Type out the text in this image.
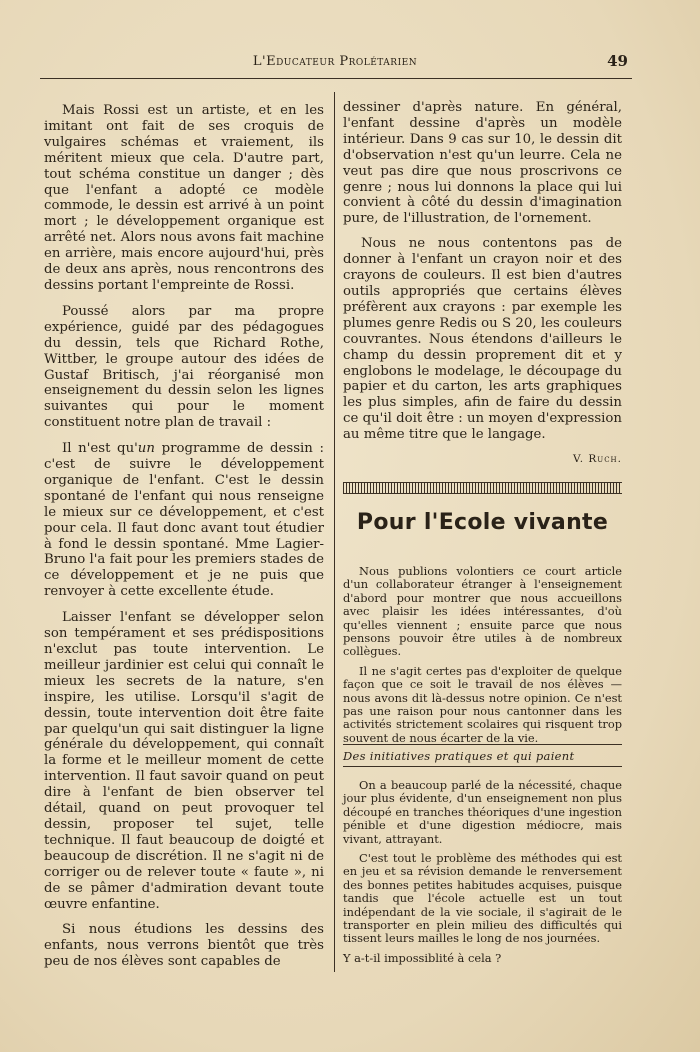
L'Educateur Prolétarien	49

Mais Rossi est un artiste, et en les imitant ont fait de ses croquis de vulgaires schémas et vraiement, ils méritent mieux que cela. D'autre part, tout schéma constitue un danger ; dès que l'enfant a adopté ce modèle commode, le dessin est arrivé à un point mort ; le développement organique est arrêté net. Alors nous avons fait machine en arrière, mais encore aujourd'hui, près de deux ans après, nous rencontrons des dessins portant l'empreinte de Rossi.

Poussé alors par ma propre expérience, guidé par des pédagogues du dessin, tels que Richard Rothe, Wittber, le groupe autour des idées de Gustaf Britisch, j'ai réorganisé mon enseignement du dessin selon les lignes suivantes qui pour le moment constituent notre plan de travail :

Il n'est qu'un programme de dessin : c'est de suivre le développement organique de l'enfant. C'est le dessin spontané de l'enfant qui nous renseigne le mieux sur ce développement, et c'est pour cela. Il faut donc avant tout étudier à fond le dessin spontané. Mme Lagier-Bruno l'a fait pour les premiers stades de ce développement et je ne puis que renvoyer à cette excellente étude.

Laisser l'enfant se développer selon son tempérament et ses prédispositions n'exclut pas toute intervention. Le meilleur jardinier est celui qui connaît le mieux les secrets de la nature, s'en inspire, les utilise. Lorsqu'il s'agit de dessin, toute intervention doit être faite par quelqu'un qui sait distinguer la ligne générale du développement, qui connaît la forme et le meilleur moment de cette intervention. Il faut savoir quand on peut dire à l'enfant de bien observer tel détail, quand on peut provoquer tel dessin, proposer tel sujet, telle technique. Il faut beaucoup de doigté et beaucoup de discrétion. Il ne s'agit ni de corriger ou de relever toute « faute », ni de se pâmer d'admiration devant toute œuvre enfantine.

Si nous étudions les dessins des enfants, nous verrons bientôt que très peu de nos élèves sont capables de

dessiner d'après nature. En général, l'enfant dessine d'après un modèle intérieur. Dans 9 cas sur 10, le dessin dit d'observation n'est qu'un leurre. Cela ne veut pas dire que nous proscrivons ce genre ; nous lui donnons la place qui lui convient à côté du dessin d'imagination pure, de l'illustration, de l'ornement.

Nous ne nous contentons pas de donner à l'enfant un crayon noir et des crayons de couleurs. Il est bien d'autres outils appropriés que certains élèves préfèrent aux crayons : par exemple les plumes genre Redis ou S 20, les couleurs couvrantes. Nous étendons d'ailleurs le champ du dessin proprement dit et y englobons le modelage, le découpage du papier et du carton, les arts graphiques les plus simples, afin de faire du dessin ce qu'il doit être : un moyen d'expression au même titre que le langage.

V. Ruch.
Pour l'Ecole vivante

Nous publions volontiers ce court article d'un collaborateur étranger à l'enseignement d'abord pour montrer que nous accueillons avec plaisir les idées intéressantes, d'où qu'elles viennent ; ensuite parce que nous pensons pouvoir être utiles à de nombreux collègues.

Il ne s'agit certes pas d'exploiter de quelque façon que ce soit le travail de nos élèves — nous avons dit là-dessus notre opinion. Ce n'est pas une raison pour nous cantonner dans les activités strictement scolaires qui risquent trop souvent de nous écarter de la vie.

Des initiatives pratiques et qui paient

On a beaucoup parlé de la nécessité, chaque jour plus évidente, d'un enseignement non plus découpé en tranches théoriques d'une ingestion pénible et d'une digestion médiocre, mais vivant, attrayant.

C'est tout le problème des méthodes qui est en jeu et sa révision demande le renversement des bonnes petites habitudes acquises, puisque tandis que l'école actuelle est un tout indépendant de la vie sociale, il s'agirait de le transporter en plein milieu des difficultés qui tissent leurs mailles le long de nos journées.

Y a-t-il impossiblité à cela ?
